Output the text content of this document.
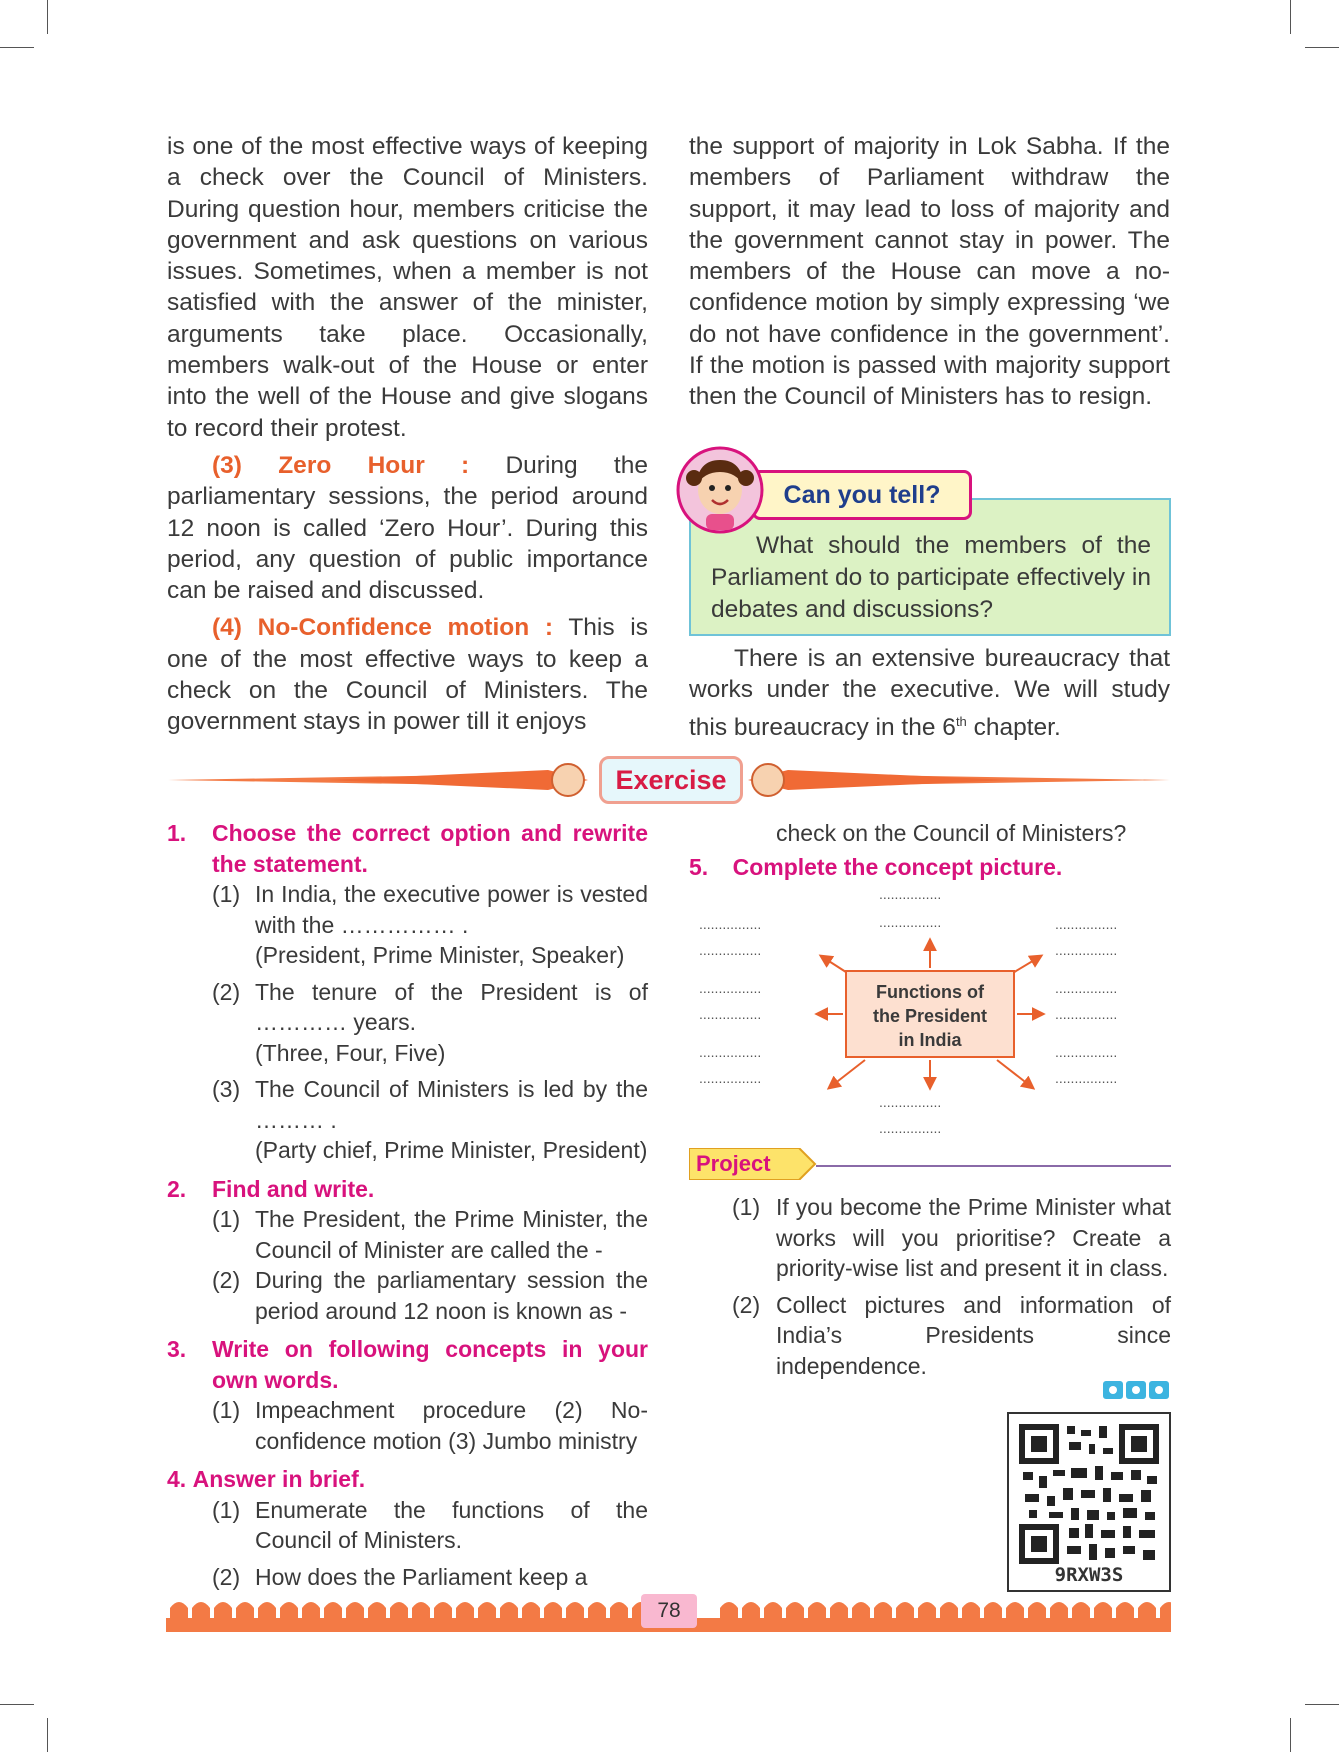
is one of the most effective ways of keeping a check over the Council of Ministers. During question hour, members criticise the government and ask questions on various issues. Sometimes, when a member is not satisfied with the answer of the minister, arguments take place. Occasionally, members walk-out of the House or enter into the well of the House and give slogans to record their protest.

(3) Zero Hour : During the parliamentary sessions, the period around 12 noon is called ‘Zero Hour’. During this period, any question of public importance can be raised and discussed.

(4) No-Confidence motion : This is one of the most effective ways to keep a check on the Council of Ministers. The government stays in power till it enjoys

the support of majority in Lok Sabha. If the members of Parliament withdraw the support, it may lead to loss of majority and the government cannot stay in power. The members of the House can move a no-confidence motion by simply expressing ‘we do not have confidence in the government’. If the motion is passed with majority support then the Council of Ministers has to resign.

What should the members of the Parliament do to participate effectively in debates and discussions?
Can you tell?

There is an extensive bureaucracy that works under the executive. We will study this bureaucracy in the 6th chapter.

Exercise
1. Choose the correct option and rewrite the statement.
(1) In India, the executive power is vested with the …………… .
(President, Prime Minister, Speaker)
(2) The tenure of the President is of ………… years.
(Three, Four, Five)
(3) The Council of Ministers is led by the ……… .
(Party chief, Prime Minister, President)
2. Find and write.
(1) The President, the Prime Minister, the Council of Minister are called the -
(2) During the parliamentary session the period around 12 noon is known as -
3. Write on following concepts in your own words.
(1) Impeachment procedure (2) No-confidence motion (3) Jumbo ministry
4. Answer in brief.
(1) Enumerate the functions of the Council of Ministers.
(2) How does the Parliament keep a
check on the Council of Ministers?
5. Complete the concept picture.
Functions of
the President
in India
................
................
................
................
................
................
................
................
................
................
................
................
................
................
................
................
Project
(1) If you become the Prime Minister what works will you prioritise? Create a priority-wise list and present it in class.
(2) Collect pictures and information of India’s Presidents since independence.
9RXW3S
78
